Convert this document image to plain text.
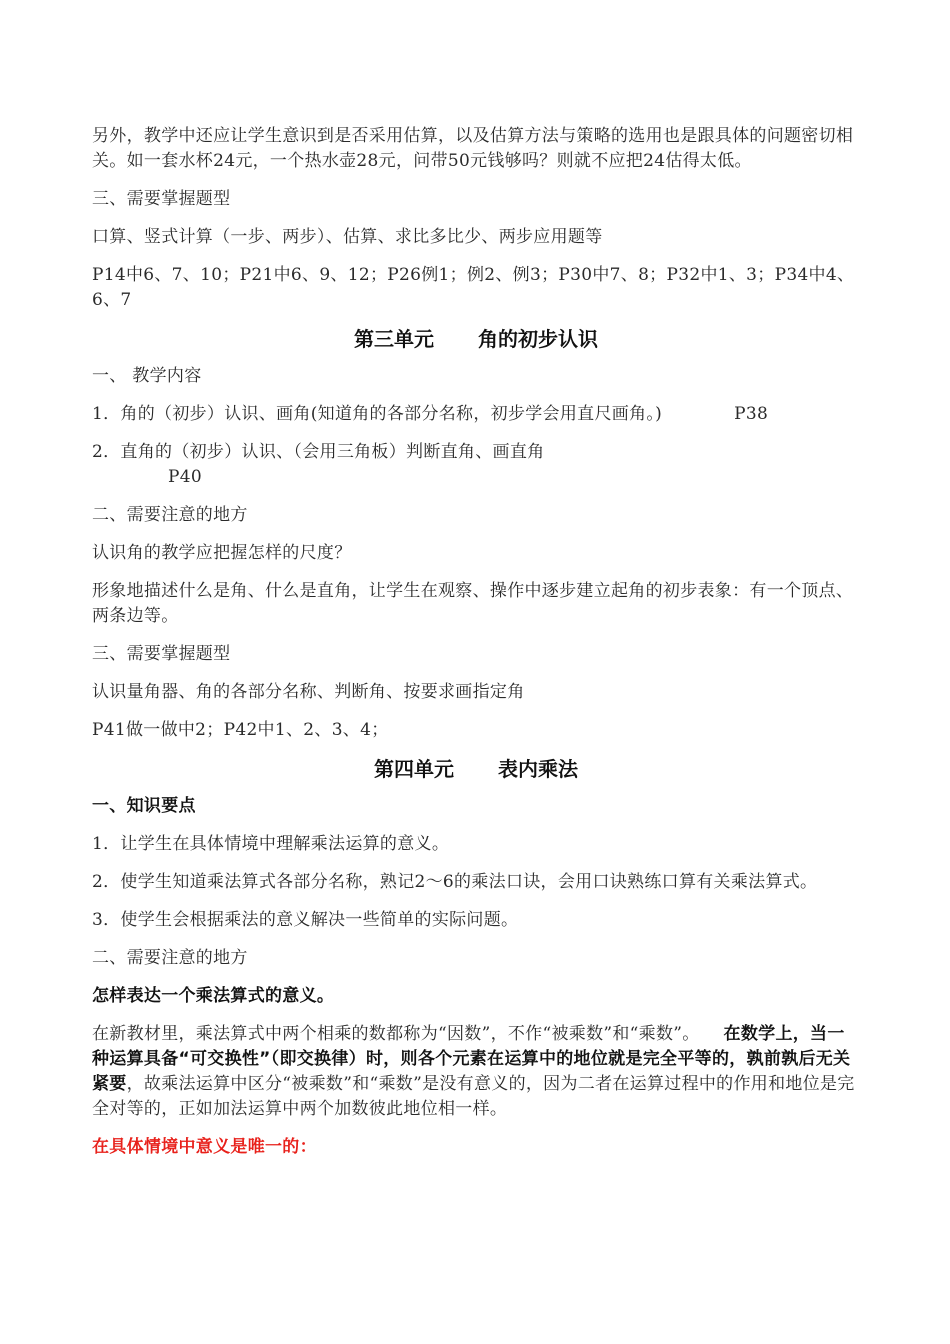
另外，教学中还应让学生意识到是否采用估算，以及估算方法与策略的选用也是跟具体的问题密切相关。如一套水杯24元，一个热水壶28元，问带50元钱够吗？则就不应把24估得太低。

三、需要掌握题型

口算、竖式计算（一步、两步）、估算、求比多比少、两步应用题等

P14中6、7、10；P21中6、9、12；P26例1；例2、例3；P30中7、8；P32中1、3；P34中4、6、7

第三单元 角的初步认识

一、 教学内容

1．角的（初步）认识、画角(知道角的各部分名称，初步学会用直尺画角。)	P38

2．直角的（初步）认识、（会用三角板）判断直角、画直角
P40

二、需要注意的地方

认识角的教学应把握怎样的尺度？

形象地描述什么是角、什么是直角，让学生在观察、操作中逐步建立起角的初步表象：有一个顶点、两条边等。

三、需要掌握题型

认识量角器、角的各部分名称、判断角、按要求画指定角

P41做一做中2；P42中1、2、3、4；

第四单元 表内乘法

一、知识要点

1．让学生在具体情境中理解乘法运算的意义。

2．使学生知道乘法算式各部分名称，熟记2～6的乘法口诀，会用口诀熟练口算有关乘法算式。

3．使学生会根据乘法的意义解决一些简单的实际问题。

二、需要注意的地方

怎样表达一个乘法算式的意义。

在新教材里，乘法算式中两个相乘的数都称为“因数”，不作“被乘数”和“乘数”。 在数学上，当一种运算具备“可交换性”（即交换律）时，则各个元素在运算中的地位就是完全平等的，孰前孰后无关紧要，故乘法运算中区分“被乘数”和“乘数”是没有意义的，因为二者在运算过程中的作用和地位是完全对等的，正如加法运算中两个加数彼此地位相一样。

在具体情境中意义是唯一的：
